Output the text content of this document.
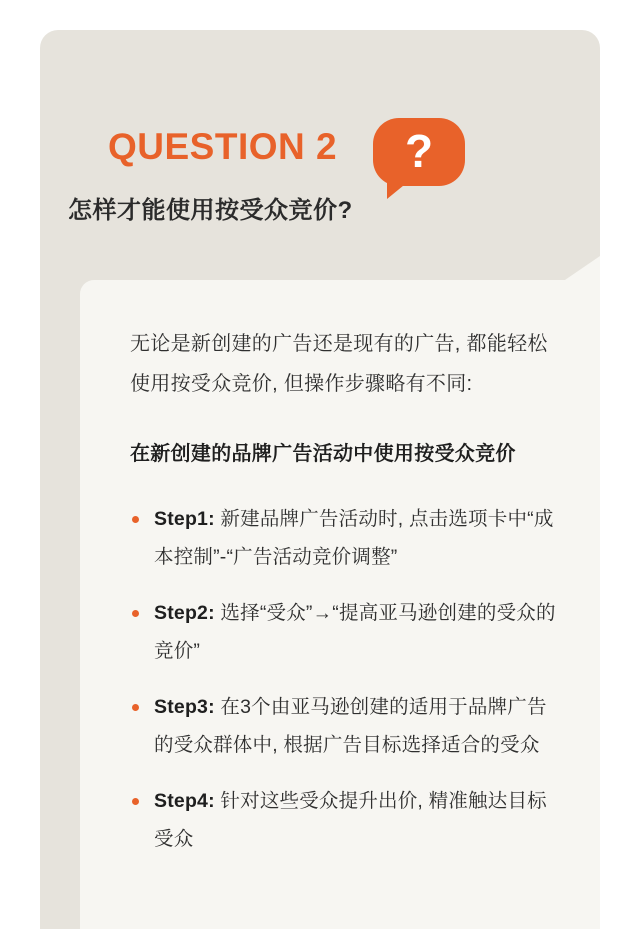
QUESTION 2	?
怎样才能使用按受众竞价?
无论是新创建的广告还是现有的广告, 都能轻松使用按受众竞价, 但操作步骤略有不同:
在新创建的品牌广告活动中使用按受众竞价
Step1: 新建品牌广告活动时, 点击选项卡中“成本控制”-“广告活动竞价调整”
Step2: 选择“受众”→“提高亚马逊创建的受众的竞价”
Step3: 在3个由亚马逊创建的适用于品牌广告的受众群体中, 根据广告目标选择适合的受众
Step4: 针对这些受众提升出价, 精准触达目标受众
